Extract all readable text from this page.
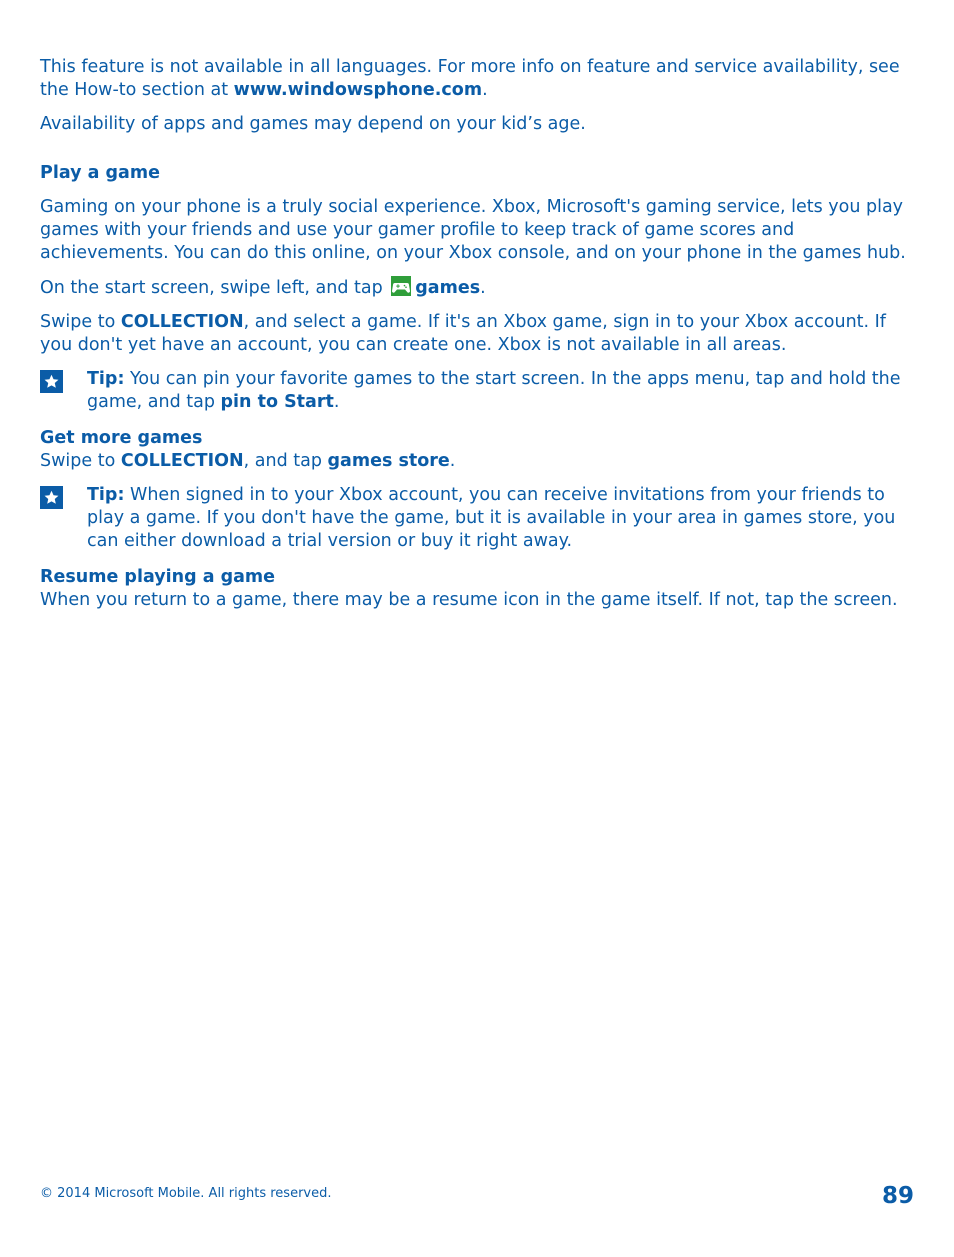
This feature is not available in all languages. For more info on feature and service availability, see the How-to section at www.windowsphone.com.

Availability of apps and games may depend on your kid’s age.

Play a game

Gaming on your phone is a truly social experience. Xbox, Microsoft's gaming service, lets you play games with your friends and use your gamer profile to keep track of game scores and achievements. You can do this online, on your Xbox console, and on your phone in the games hub.

On the start screen, swipe left, and tap games.

Swipe to COLLECTION, and select a game. If it's an Xbox game, sign in to your Xbox account. If you don't yet have an account, you can create one. Xbox is not available in all areas.

Tip: You can pin your favorite games to the start screen. In the apps menu, tap and hold the game, and tap pin to Start.
Get more games

Swipe to COLLECTION, and tap games store.

Tip: When signed in to your Xbox account, you can receive invitations from your friends to play a game. If you don't have the game, but it is available in your area in games store, you can either download a trial version or buy it right away.
Resume playing a game

When you return to a game, there may be a resume icon in the game itself. If not, tap the screen.

© 2014 Microsoft Mobile. All rights reserved.	89
